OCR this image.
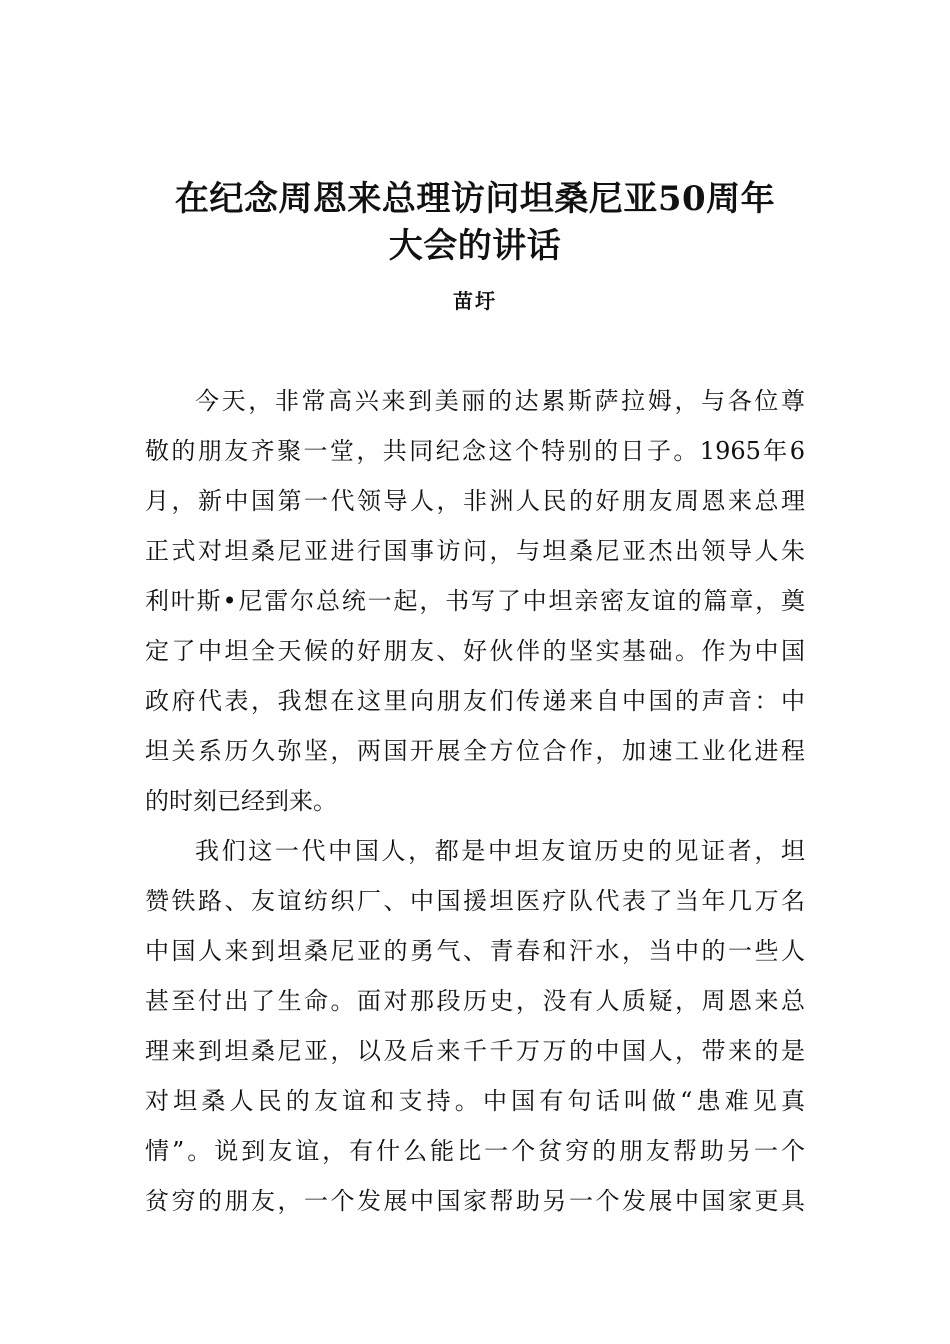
在纪念周恩来总理访问坦桑尼亚50周年
大会的讲话
苗圩
今天，非常高兴来到美丽的达累斯萨拉姆，与各位尊
敬的朋友齐聚一堂，共同纪念这个特别的日子。1965年6
月，新中国第一代领导人，非洲人民的好朋友周恩来总理
正式对坦桑尼亚进行国事访问，与坦桑尼亚杰出领导人朱
利叶斯•尼雷尔总统一起，书写了中坦亲密友谊的篇章，奠
定了中坦全天候的好朋友、好伙伴的坚实基础。作为中国
政府代表，我想在这里向朋友们传递来自中国的声音：中
坦关系历久弥坚，两国开展全方位合作，加速工业化进程
的时刻已经到来。
我们这一代中国人，都是中坦友谊历史的见证者，坦
赞铁路、友谊纺织厂、中国援坦医疗队代表了当年几万名
中国人来到坦桑尼亚的勇气、青春和汗水，当中的一些人
甚至付出了生命。面对那段历史，没有人质疑，周恩来总
理来到坦桑尼亚，以及后来千千万万的中国人，带来的是
对坦桑人民的友谊和支持。中国有句话叫做“患难见真
情”。说到友谊，有什么能比一个贫穷的朋友帮助另一个
贫穷的朋友，一个发展中国家帮助另一个发展中国家更具
